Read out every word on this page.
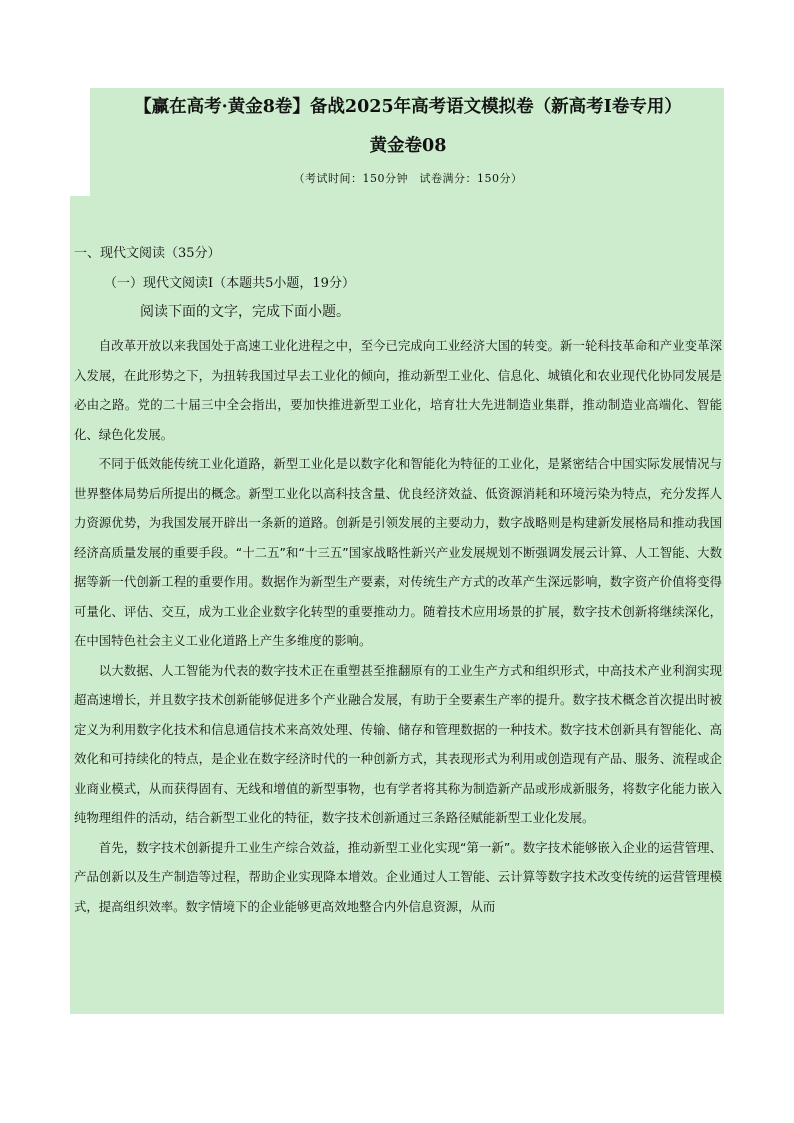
【赢在高考·黄金8卷】备战2025年高考语文模拟卷（新高考Ⅰ卷专用）
黄金卷08
（考试时间：150分钟　试卷满分：150分）
一、现代文阅读（35分）
（一）现代文阅读Ⅰ（本题共5小题，19分）
阅读下面的文字，完成下面小题。

自改革开放以来我国处于高速工业化进程之中，至今已完成向工业经济大国的转变。新一轮科技革命和产业变革深入发展，在此形势之下，为扭转我国过早去工业化的倾向，推动新型工业化、信息化、城镇化和农业现代化协同发展是必由之路。党的二十届三中全会指出，要加快推进新型工业化，培育壮大先进制造业集群，推动制造业高端化、智能化、绿色化发展。

不同于低效能传统工业化道路，新型工业化是以数字化和智能化为特征的工业化，是紧密结合中国实际发展情况与世界整体局势后所提出的概念。新型工业化以高科技含量、优良经济效益、低资源消耗和环境污染为特点，充分发挥人力资源优势，为我国发展开辟出一条新的道路。创新是引领发展的主要动力，数字战略则是构建新发展格局和推动我国经济高质量发展的重要手段。“十二五”和“十三五”国家战略性新兴产业发展规划不断强调发展云计算、人工智能、大数据等新一代创新工程的重要作用。数据作为新型生产要素，对传统生产方式的改革产生深远影响，数字资产价值将变得可量化、评估、交互，成为工业企业数字化转型的重要推动力。随着技术应用场景的扩展，数字技术创新将继续深化，在中国特色社会主义工业化道路上产生多维度的影响。

以大数据、人工智能为代表的数字技术正在重塑甚至推翻原有的工业生产方式和组织形式，中高技术产业利润实现超高速增长，并且数字技术创新能够促进多个产业融合发展，有助于全要素生产率的提升。数字技术概念首次提出时被定义为利用数字化技术和信息通信技术来高效处理、传输、储存和管理数据的一种技术。数字技术创新具有智能化、高效化和可持续化的特点，是企业在数字经济时代的一种创新方式，其表现形式为利用或创造现有产品、服务、流程或企业商业模式，从而获得固有、无线和增值的新型事物，也有学者将其称为制造新产品或形成新服务，将数字化能力嵌入纯物理组件的活动，结合新型工业化的特征，数字技术创新通过三条路径赋能新型工业化发展。

首先，数字技术创新提升工业生产综合效益，推动新型工业化实现“第一新”。数字技术能够嵌入企业的运营管理、产品创新以及生产制造等过程，帮助企业实现降本增效。企业通过人工智能、云计算等数字技术改变传统的运营管理模式，提高组织效率。数字情境下的企业能够更高效地整合内外信息资源，从而
